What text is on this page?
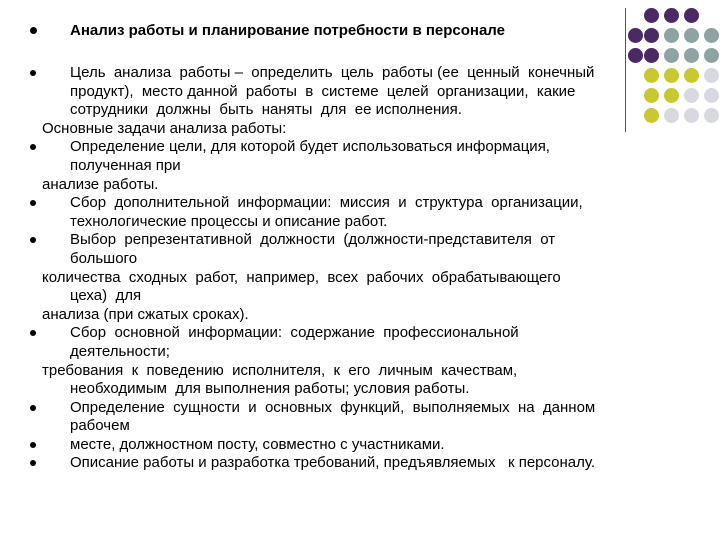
Анализ работы и планирование потребности в персонале
Цель  анализа  работы –  определить  цель  работы (ее  ценный  конечный
продукт),  место данной  работы  в  системе  целей  организации,  какие
сотрудники  должны  быть  наняты  для  ее исполнения.
Основные задачи анализа работы:
Определение цели, для которой будет использоваться информация,
полученная при
анализе работы.
Сбор  дополнительной  информации:  миссия  и  структура  организации,
технологические процессы и описание работ.
Выбор  репрезентативной  должности  (должности-представителя  от
большого
количества  сходных  работ,  например,  всех  рабочих  обрабатывающего
цеха)  для
анализа (при сжатых сроках).
Сбор  основной  информации:  содержание  профессиональной
деятельности;
требования  к  поведению  исполнителя,  к  его  личным  качествам,
необходимым  для выполнения работы; условия работы.
Определение  сущности  и  основных  функций,  выполняемых  на  данном
рабочем
месте, должностном посту, совместно с участниками.
Описание работы и разработка требований, предъявляемых   к персоналу.
